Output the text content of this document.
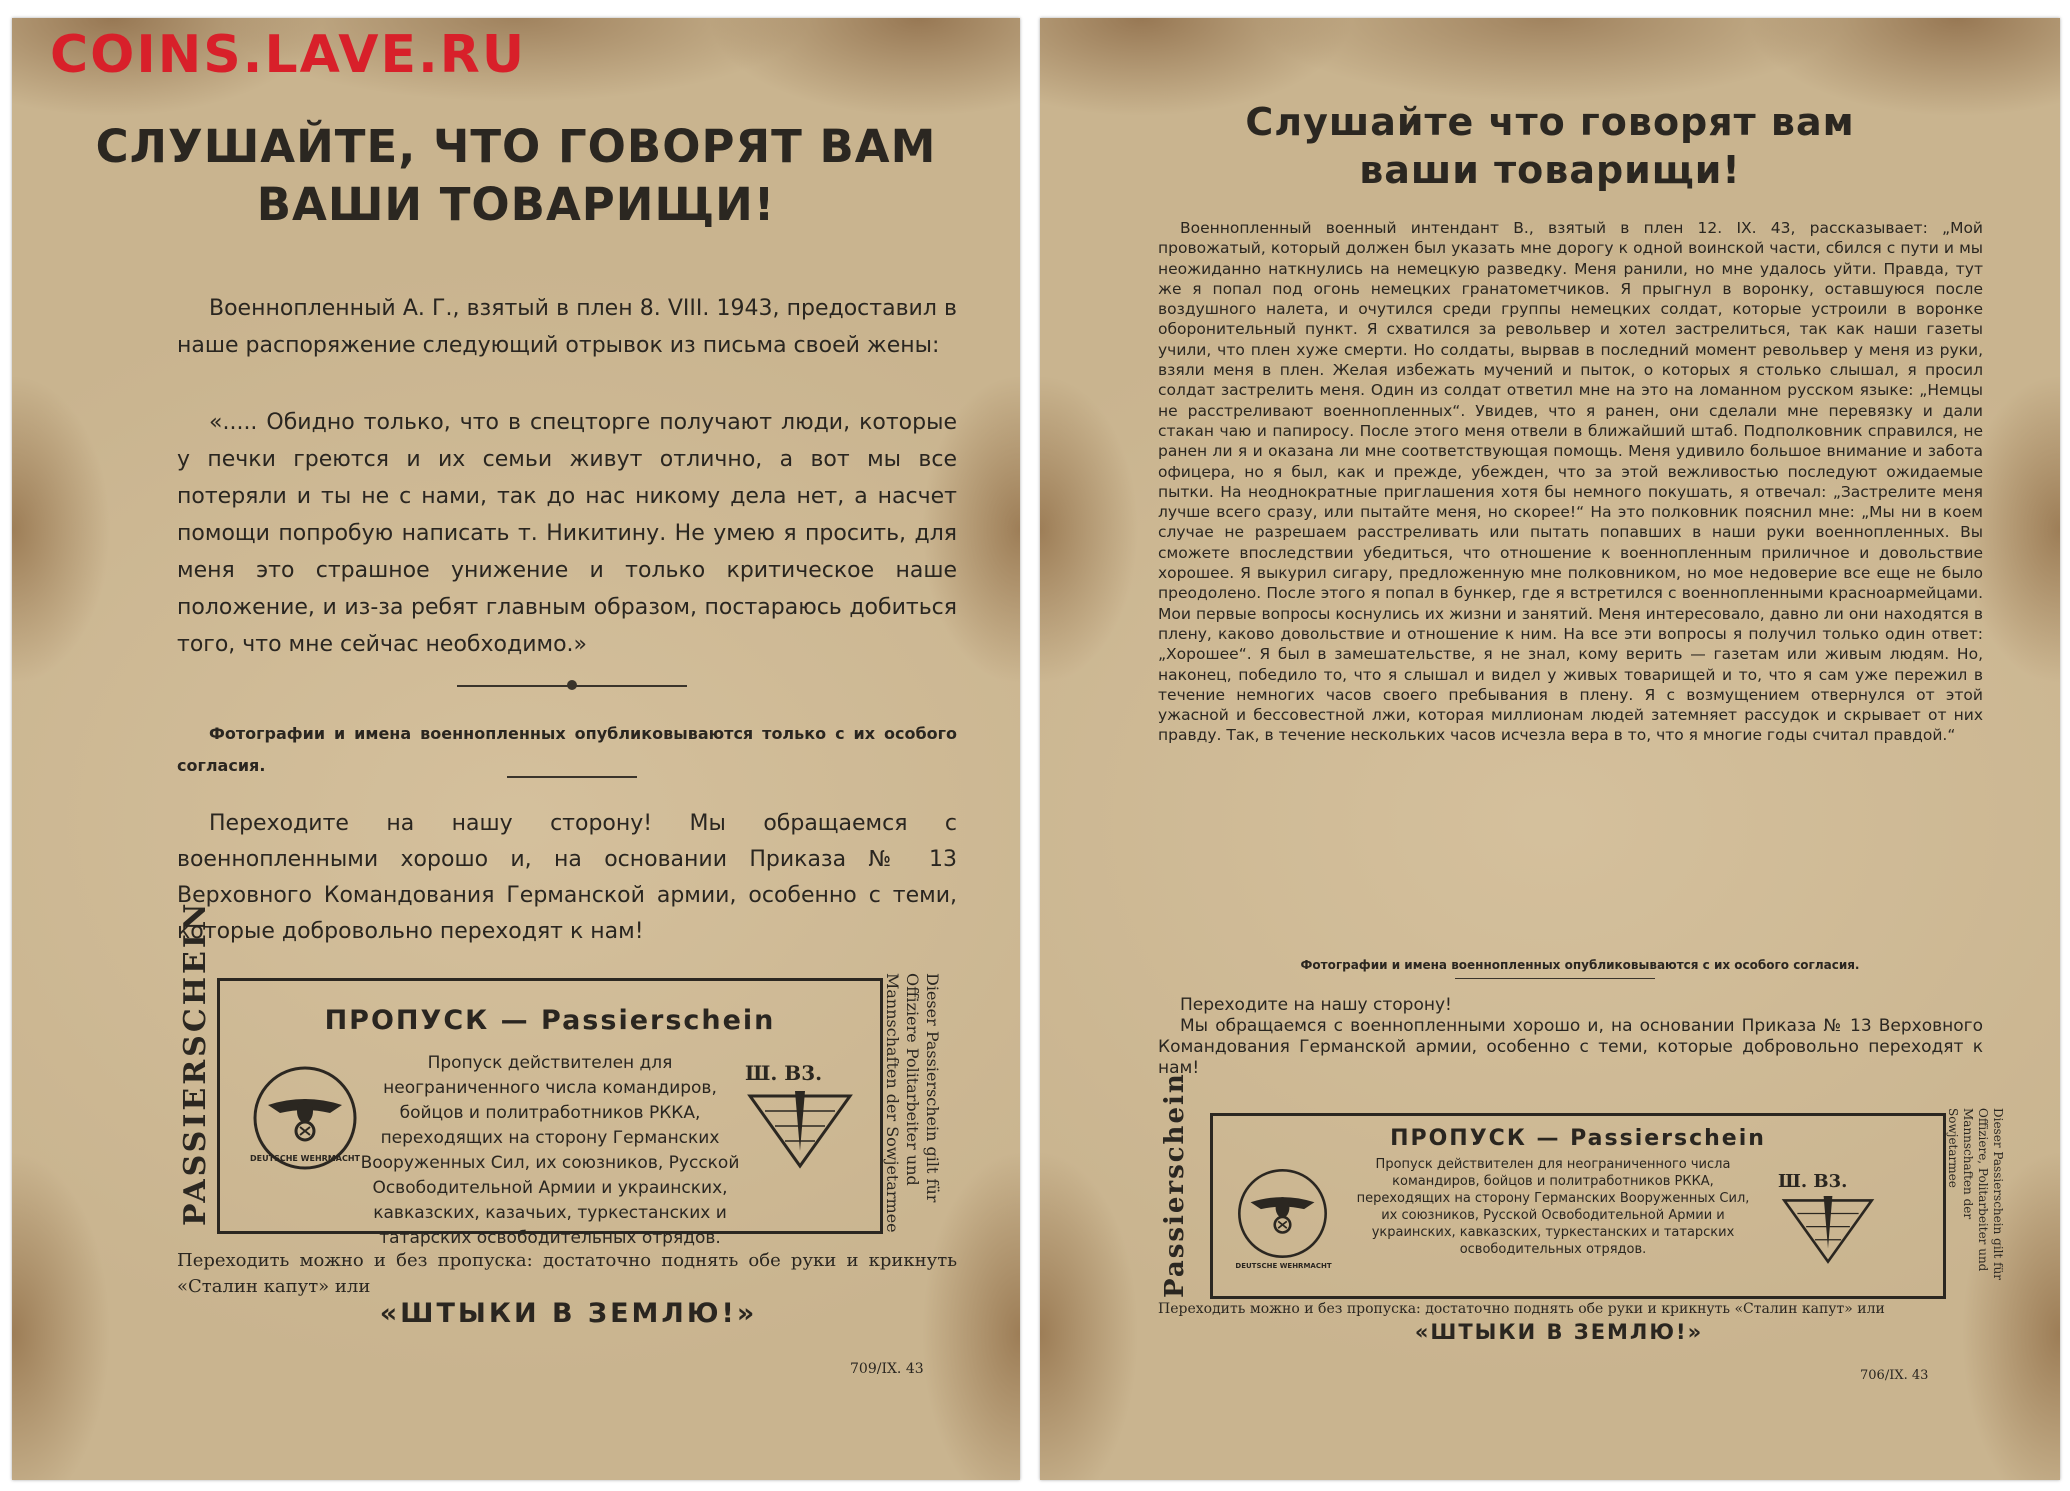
COINS.LAVE.RU
СЛУШАЙТЕ, ЧТО ГОВОРЯТ ВАМ
ВАШИ ТОВАРИЩИ!

Военнопленный А. Г., взятый в плен 8. VIII. 1943, предоставил в наше распоряжение следующий отрывок из письма своей жены:

«..... Обидно только, что в спецторге получают люди, которые у печки греются и их семьи живут отлично, а вот мы все потеряли и ты не с нами, так до нас никому дела нет, а насчет помощи попробую написать т. Никитину. Не умею я просить, для меня это страшное унижение и только критическое наше положение, и из-за ребят главным образом, постараюсь добиться того, что мне сейчас необходимо.»

Фотографии и имена военнопленных опубликовываются только с их особого согласия.

Переходите на нашу сторону! Мы обращаемся с военнопленными хорошо и, на основании Приказа № 13 Верховного Командования Германской армии, особенно с теми, которые добровольно переходят к нам!

PASSIERSCHEIN	ПРОПУСК — Passierschein
DEUTSCHE WEHRMACHT

Пропуск действителен для неограниченного числа командиров, бойцов и политработников РККА, переходящих на сторону Германских Вооруженных Сил, их союзников, Русской Освободительной Армии и украинских, кавказских, казачьих, туркестанских и татарских освободительных отрядов.

Ш. В3.	Dieser Passierschein gilt für Offiziere Politarbeiter und Mannschaften der Sowjetarmee

Переходить можно и без пропуска: достаточно поднять обе руки и крикнуть «Сталин капут» или

«ШТЫКИ В ЗЕМЛЮ!»
709/IX. 43
Слушайте что говорят вам
ваши товарищи!

Военнопленный военный интендант В., взятый в плен 12. IX. 43, рассказывает: „Мой провожатый, который должен был указать мне дорогу к одной воинской части, сбился с пути и мы неожиданно наткнулись на немецкую разведку. Меня ранили, но мне удалось уйти. Правда, тут же я попал под огонь немецких гранатометчиков. Я прыгнул в воронку, оставшуюся после воздушного налета, и очутился среди группы немецких солдат, которые устроили в воронке оборонительный пункт. Я схватился за револьвер и хотел застрелиться, так как наши газеты учили, что плен хуже смерти. Но солдаты, вырвав в последний момент револьвер у меня из руки, взяли меня в плен. Желая избежать мучений и пыток, о которых я столько слышал, я просил солдат застрелить меня. Один из солдат ответил мне на это на ломанном русском языке: „Немцы не расстреливают военнопленных“. Увидев, что я ранен, они сделали мне перевязку и дали стакан чаю и папиросу. После этого меня отвели в ближайший штаб. Подполковник справился, не ранен ли я и оказана ли мне соответствующая помощь. Меня удивило большое внимание и забота офицера, но я был, как и прежде, убежден, что за этой вежливостью последуют ожидаемые пытки. На неоднократные приглашения хотя бы немного покушать, я отвечал: „Застрелите меня лучше всего сразу, или пытайте меня, но скорее!“ На это полковник пояснил мне: „Мы ни в коем случае не разрешаем расстреливать или пытать попавших в наши руки военнопленных. Вы сможете впоследствии убедиться, что отношение к военнопленным приличное и довольствие хорошее. Я выкурил сигару, предложенную мне полковником, но мое недоверие все еще не было преодолено. После этого я попал в бункер, где я встретился с военнопленными красноармейцами. Мои первые вопросы коснулись их жизни и занятий. Меня интересовало, давно ли они находятся в плену, каково довольствие и отношение к ним. На все эти вопросы я получил только один ответ: „Хорошее“. Я был в замешательстве, я не знал, кому верить — газетам или живым людям. Но, наконец, победило то, что я слышал и видел у живых товарищей и то, что я сам уже пережил в течение немногих часов своего пребывания в плену. Я с возмущением отвернулся от этой ужасной и бессовестной лжи, которая миллионам людей затемняет рассудок и скрывает от них правду. Так, в течение нескольких часов исчезла вера в то, что я многие годы считал правдой.“

Фотографии и имена военнопленных опубликовываются с их особого согласия.
Переходите на нашу сторону!

Мы обращаемся с военнопленными хорошо и, на основании Приказа № 13 Верховного Командования Германской армии, особенно с теми, которые добровольно переходят к нам!

Passierschein	ПРОПУСК — Passierschein
DEUTSCHE WEHRMACHT

Пропуск действителен для неограниченного числа командиров, бойцов и политработников РККА, переходящих на сторону Германских Вооруженных Сил, их союзников, Русской Освободительной Армии и украинских, кавказских, туркестанских и татарских освободительных отрядов.

Ш. В3.	Dieser Passierschein gilt für Offiziere, Politarbeiter und Mannschaften der Sowjetarmee

Переходить можно и без пропуска: достаточно поднять обе руки и крикнуть «Сталин капут» или

«ШТЫКИ В ЗЕМЛЮ!»
706/IX. 43
